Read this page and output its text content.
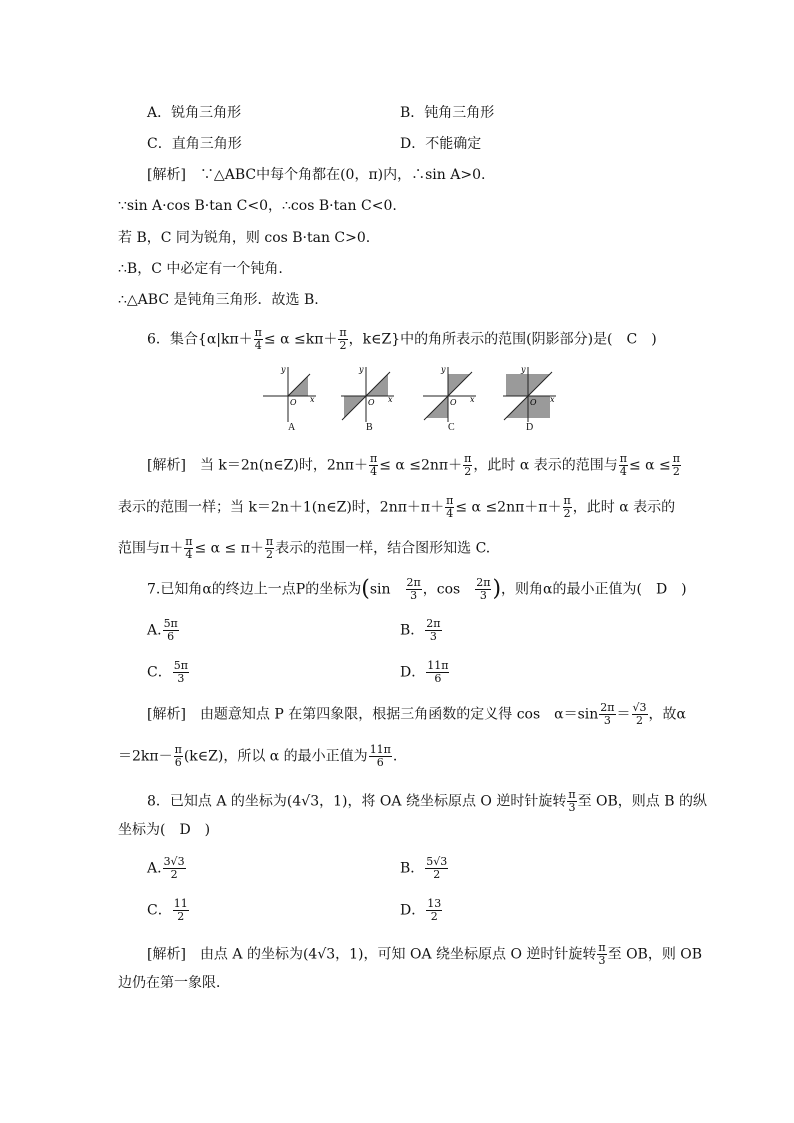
A．锐角三角形	B．钝角三角形
C．直角三角形	D．不能确定
[解析]　 ∵△ABC中每个角都在(0，π)内，∴sin A>0.
∵sin A·cos B·tan C<0，∴cos B·tan C<0.
若 B，C 同为锐角，则 cos B·tan C>0.
∴B，C 中必定有一个钝角.
∴△ABC 是钝角三角形．故选 B.
6．集合{$\alpha|k\pi+ \frac{\pi}{4} \le \alpha \le k\pi+ \frac{\pi}{2}$ ，k∈Z}中的角所表示的范围(阴影部分)是(　C　)
x
y
O	x
y
O	x
y
O	x
y
O
A	B	C	D
[解析]　 当 k＝2n(n∈Z)时，$2n\pi+ \frac{\pi}{4} \le \alpha \le 2n\pi+ \frac{\pi}{2}$ ，此时 α 表示的范围与 $\frac{\pi}{4} \le \alpha \le \frac{\pi}{2}$
表示的范围一样；当 k＝2n＋1(n∈Z)时，$2n\pi+\pi+ \frac{\pi}{4} \le \alpha \le 2n\pi+\pi+ \frac{\pi}{2}$ ，此时 α 表示的
范围与$\pi+ \frac{\pi}{4} \le \alpha \le \pi+ \frac{\pi}{2}$ 表示的范围一样，结合图形知选 C.
7.已知角α的终边上一点P的坐标为(sin　 $\frac{2\pi}{3}$ ，cos　 $\frac{2\pi}{3}$ )，则角α的最小正值为(　D　)
A. $\frac{5\pi}{6}$	B． $\frac{2\pi}{3}$
C． $\frac{5\pi}{3}$	D． $\frac{11\pi}{6}$
[解析]　 由题意知点 P 在第四象限，根据三角函数的定义得 cos　$\alpha=\sin \frac{2\pi}{3} = \frac{√3}{2}$ ，故α
$=2k\pi- \frac{\pi}{6}$ (k∈Z)，所以 α 的最小正值为 $\frac{11\pi}{6}$ .
8．已知点 A 的坐标为(4√3，1)，将 OA 绕坐标原点 O 逆时针旋转 $\frac{\pi}{3}$ 至 OB，则点 B 的纵
坐标为(　D　)
A. $\frac{3√3}{2}$	B． $\frac{5√3}{2}$
C． $\frac{11}{2}$	D． $\frac{13}{2}$
[解析]　 由点 A 的坐标为(4√3，1)，可知 OA 绕坐标原点 O 逆时针旋转 $\frac{\pi}{3}$ 至 OB，则 OB
边仍在第一象限．
